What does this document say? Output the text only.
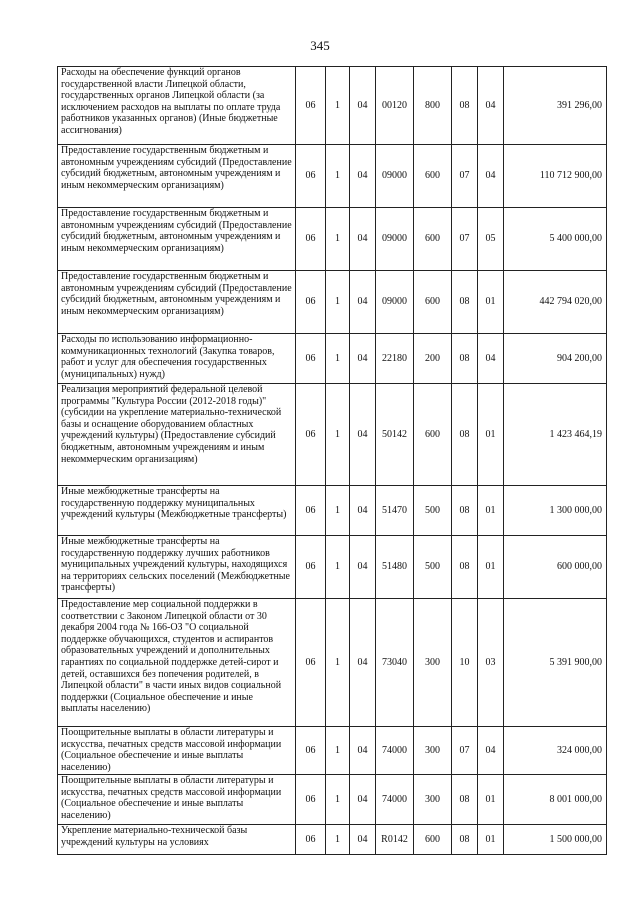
345
Расходы на обеспечение функций органов государственной власти Липецкой области, государственных органов Липецкой области (за исключением расходов на выплаты по оплате труда работников указанных органов) (Иные бюджетные ассигнования)	06	1	04	00120	800	08	04	391 296,00
Предоставление государственным бюджетным и автономным учреждениям субсидий (Предоставление субсидий бюджетным, автономным учреждениям и иным некоммерческим организациям)	06	1	04	09000	600	07	04	110 712 900,00
Предоставление государственным бюджетным и автономным учреждениям субсидий (Предоставление субсидий бюджетным, автономным учреждениям и иным некоммерческим организациям)	06	1	04	09000	600	07	05	5 400 000,00
Предоставление государственным бюджетным и автономным учреждениям субсидий (Предоставление субсидий бюджетным, автономным учреждениям и иным некоммерческим организациям)	06	1	04	09000	600	08	01	442 794 020,00
Расходы по использованию информационно-коммуникационных технологий (Закупка товаров, работ и услуг для обеспечения государственных (муниципальных) нужд)	06	1	04	22180	200	08	04	904 200,00
Реализация мероприятий федеральной целевой программы "Культура России (2012-2018 годы)" (субсидии на укрепление материально-технической базы и оснащение оборудованием областных учреждений культуры) (Предоставление субсидий бюджетным, автономным учреждениям и иным некоммерческим организациям)	06	1	04	50142	600	08	01	1 423 464,19
Иные межбюджетные трансферты на государственную поддержку муниципальных учреждений культуры (Межбюджетные трансферты)	06	1	04	51470	500	08	01	1 300 000,00
Иные межбюджетные трансферты на государственную поддержку лучших работников муниципальных учреждений культуры, находящихся на территориях сельских поселений (Межбюджетные трансферты)	06	1	04	51480	500	08	01	600 000,00
Предоставление мер социальной поддержки в соответствии с Законом Липецкой области от 30 декабря 2004 года № 166-ОЗ "О социальной поддержке обучающихся, студентов и аспирантов образовательных учреждений и дополнительных гарантиях по социальной поддержке детей-сирот и детей, оставшихся без попечения родителей, в Липецкой области" в части иных видов социальной поддержки (Социальное обеспечение и иные выплаты населению)	06	1	04	73040	300	10	03	5 391 900,00
Поощрительные выплаты в области литературы и искусства, печатных средств массовой информации (Социальное обеспечение и иные выплаты населению)	06	1	04	74000	300	07	04	324 000,00
Поощрительные выплаты в области литературы и искусства, печатных средств массовой информации (Социальное обеспечение и иные выплаты населению)	06	1	04	74000	300	08	01	8 001 000,00
Укрепление материально-технической базы учреждений культуры на условиях	06	1	04	R0142	600	08	01	1 500 000,00
